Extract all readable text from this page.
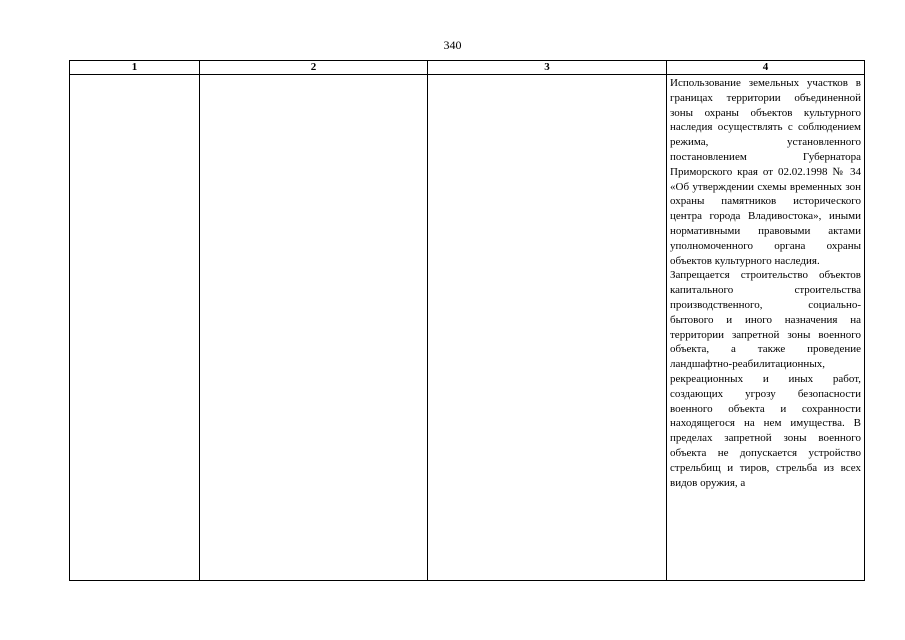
340
1	2	3	4

			Использование земельных участков в границах территории объединенной зоны охраны объектов культурного наследия осуществлять с соблюдением режима, установленного постановлением Губернатора Приморского края от 02.02.1998 № 34 «Об утверждении схемы временных зон охраны памятников исторического центра города Владивостока», иными нормативными правовыми актами уполномоченного органа охраны объектов культурного наследия.
Запрещается строительство объектов капитального строительства производственного, социально-бытового и иного назначения на территории запретной зоны военного объекта, а также проведение ландшафтно-реабилитационных, рекреационных и иных работ, создающих угрозу безопасности военного объекта и сохранности находящегося на нем имущества. В пределах запретной зоны военного объекта не допускается устройство стрельбищ и тиров, стрельба из всех видов оружия, а
